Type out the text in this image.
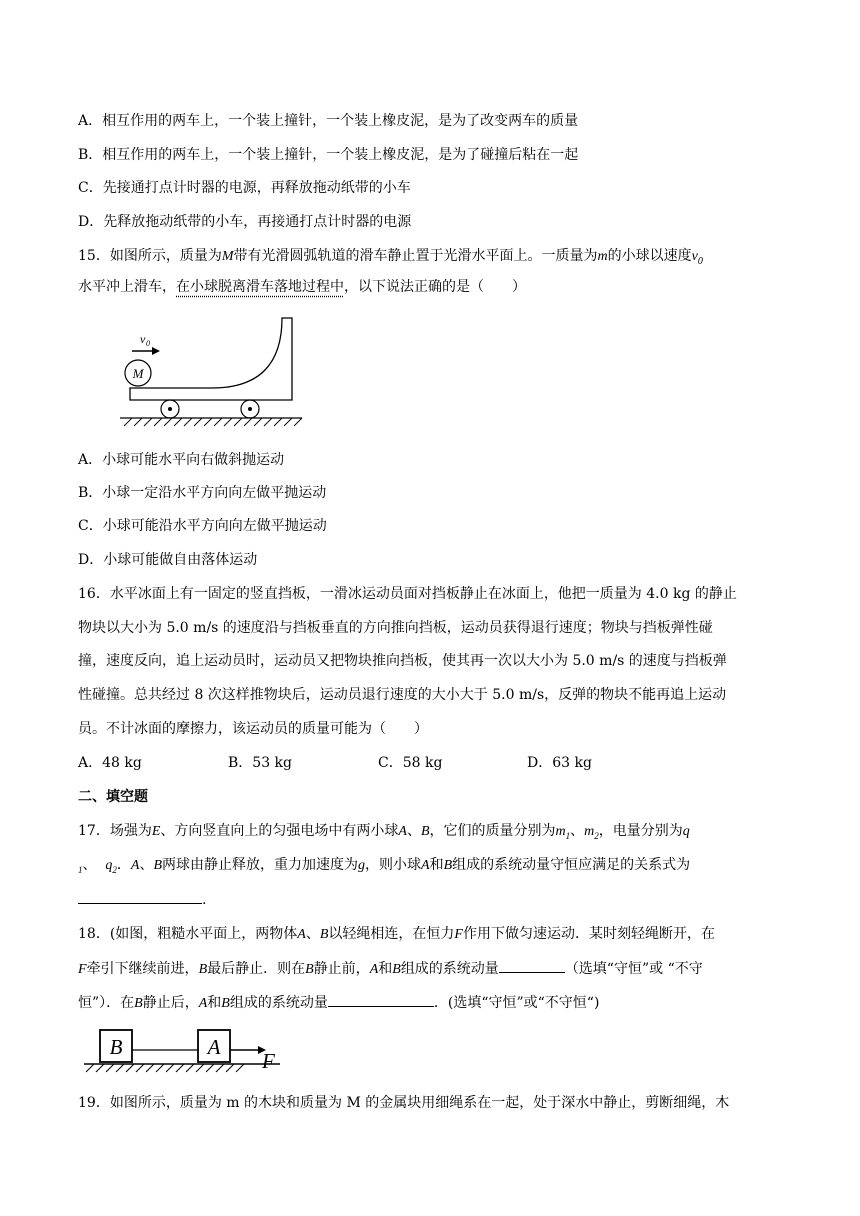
A．相互作用的两车上，一个装上撞针，一个装上橡皮泥，是为了改变两车的质量
B．相互作用的两车上，一个装上撞针，一个装上橡皮泥，是为了碰撞后粘在一起
C．先接通打点计时器的电源，再释放拖动纸带的小车
D．先释放拖动纸带的小车，再接通打点计时器的电源
15．如图所示，质量为M带有光滑圆弧轨道的滑车静止置于光滑水平面上。一质量为m的小球以速度$v_0$
水平冲上滑车，在小球脱离滑车落地过程中，以下说法正确的是（　　）
M
v 0
A．小球可能水平向右做斜抛运动
B．小球一定沿水平方向向左做平抛运动
C．小球可能沿水平方向向左做平抛运动
D．小球可能做自由落体运动
16．水平冰面上有一固定的竖直挡板，一滑冰运动员面对挡板静止在冰面上，他把一质量为 4.0 kg 的静止
物块以大小为 5.0 m/s 的速度沿与挡板垂直的方向推向挡板，运动员获得退行速度；物块与挡板弹性碰
撞，速度反向，追上运动员时，运动员又把物块推向挡板，使其再一次以大小为 5.0 m/s 的速度与挡板弹
性碰撞。总共经过 8 次这样推物块后，运动员退行速度的大小大于 5.0 m/s，反弹的物块不能再追上运动
员。不计冰面的摩擦力，该运动员的质量可能为（　　）
A．48 kg	B．53 kg	C．58 kg	D．63 kg
二、填空题
17．场强为E、方向竖直向上的匀强电场中有两小球A、B，它们的质量分别为$m_1$、$m_2$，电量分别为q
$_1$、 $q_2$．A、B两球由静止释放，重力加速度为g，则小球A和B组成的系统动量守恒应满足的关系式为
.
18．(如图，粗糙水平面上，两物体A、B以轻绳相连，在恒力F作用下做匀速运动．某时刻轻绳断开，在
F牵引下继续前进，B最后静止．则在B静止前，A和B组成的系统动量	（选填“守恒”或 “不守
恒”）．在B静止后，A和B组成的系统动量	．(选填“守恒”或“不守恒“)
B	A
F
19．如图所示，质量为 m 的木块和质量为 M 的金属块用细绳系在一起，处于深水中静止，剪断细绳，木
